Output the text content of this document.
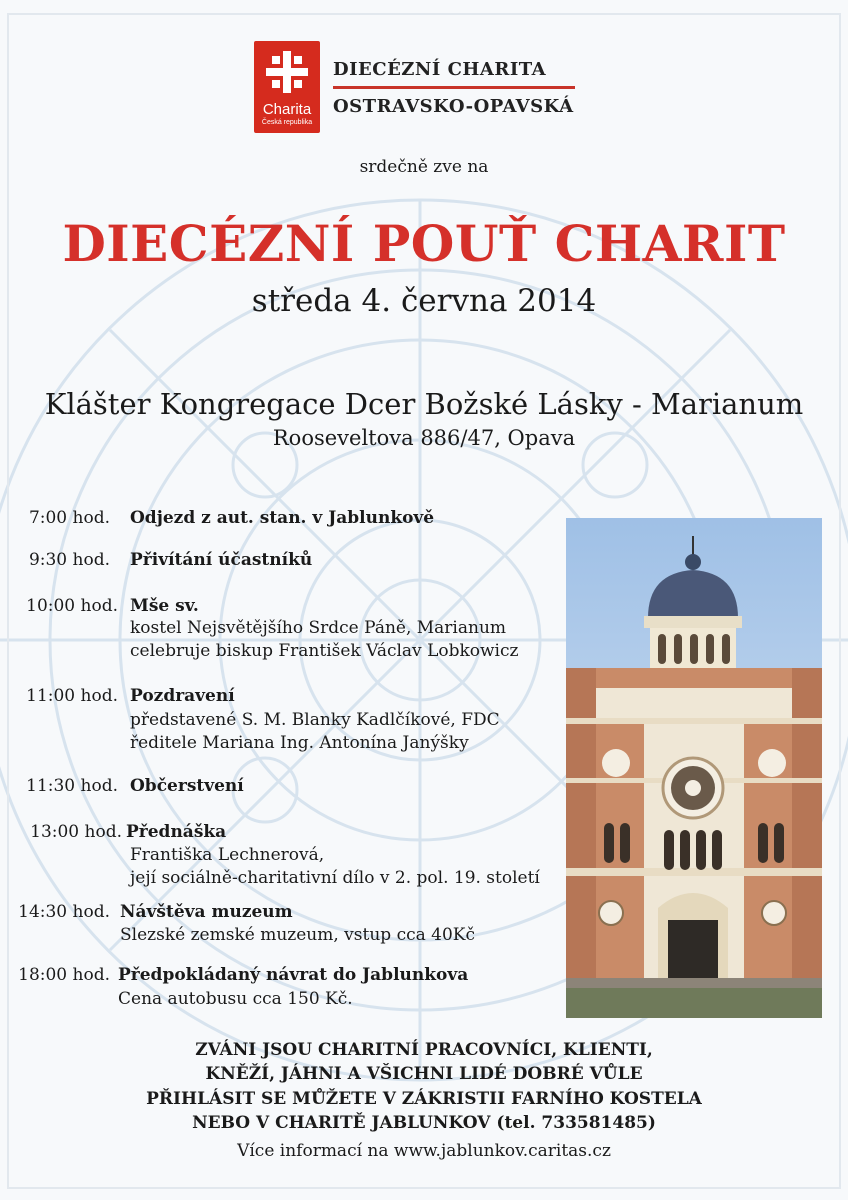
Charita
Česká republika
DIECÉZNÍ CHARITA
OSTRAVSKO-OPAVSKÁ
srdečně zve na
DIECÉZNÍ POUŤ CHARIT
středa 4. června 2014
Klášter Kongregace Dcer Božské Lásky - Marianum
Rooseveltova 886/47, Opava
7:00 hod. Odjezd z aut. stan. v Jablunkově
9:30 hod. Přivítání účastníků
10:00 hod. Mše sv.
kostel Nejsvětějšího Srdce Páně, Marianum
celebruje biskup František Václav Lobkowicz
11:00 hod. Pozdravení
představené S. M. Blanky Kadlčíkové, FDC
ředitele Mariana Ing. Antonína Janýšky
11:30 hod. Občerstvení
13:00 hod. Přednáška
Františka Lechnerová,
její sociálně-charitativní dílo v 2. pol. 19. století
14:30 hod. Návštěva muzeum
Slezské zemské muzeum, vstup cca 40Kč
18:00 hod. Předpokládaný návrat do Jablunkova
Cena autobusu cca 150 Kč.
ZVÁNI JSOU CHARITNÍ PRACOVNÍCI, KLIENTI,
KNĚŽÍ, JÁHNI A VŠICHNI LIDÉ DOBRÉ VŮLE
PŘIHLÁSIT SE MŮŽETE V ZÁKRISTII FARNÍHO KOSTELA
NEBO V CHARITĚ JABLUNKOV (tel. 733581485)
Více informací na www.jablunkov.caritas.cz
